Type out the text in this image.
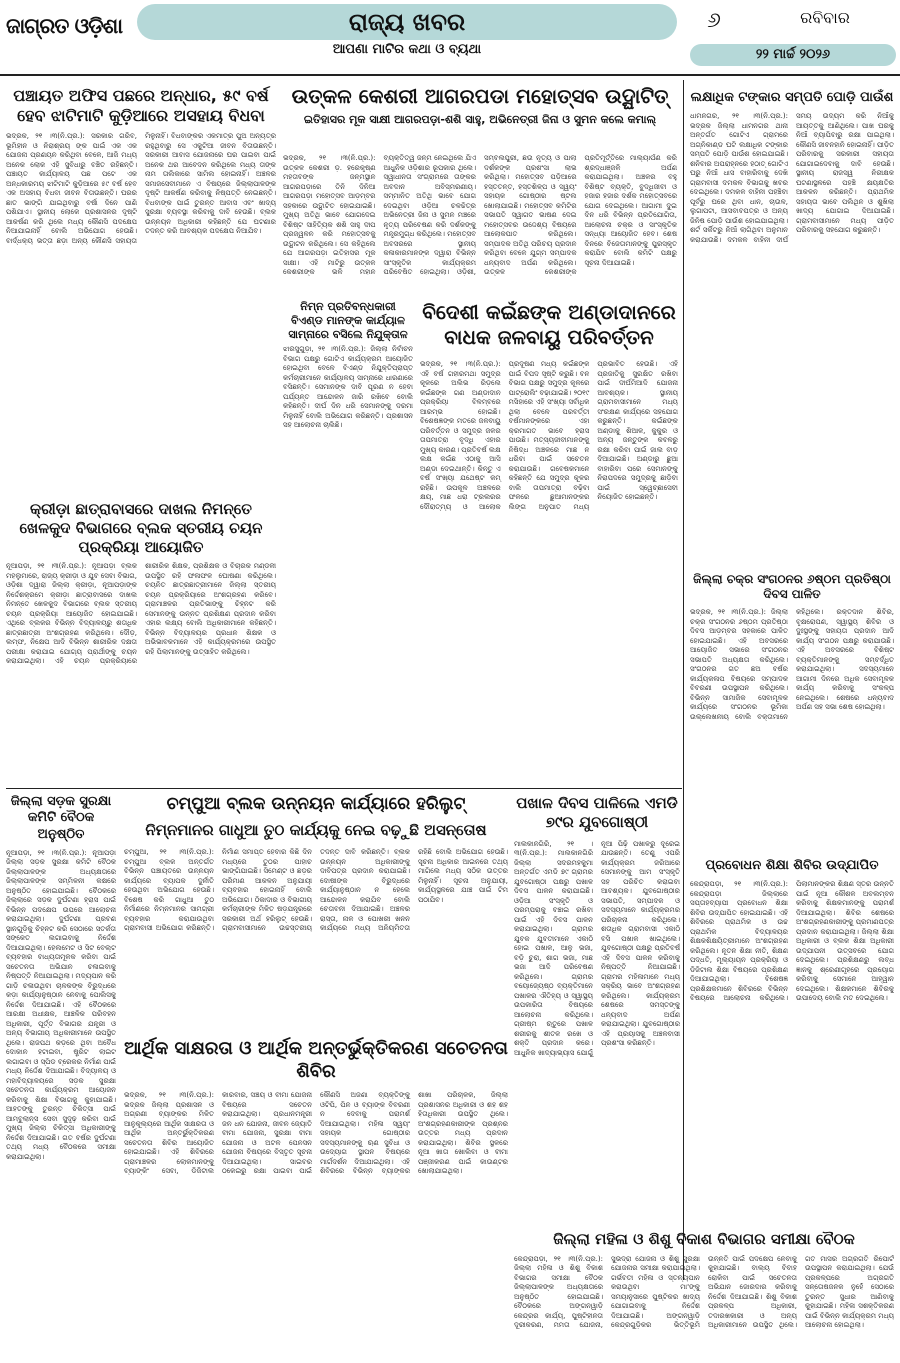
ଜାଗ୍ରତ ଓଡ଼ିଶା	ରାଜ୍ୟ ଖବର
ଆପଣା ମାଟିର କଥା ଓ ବ୍ୟଥା
୬	ରବିବାର
୨୨ ମାର୍ଚ୍ଚ ୨୦୨୬
ପଞ୍ଚାୟତ ଅଫିସ ପଛରେ ଅନ୍ଧାର, ୫୯ ବର୍ଷ ହେବ ଝାଟିମାଟି କୁଡ଼ିଆରେ ଅସହାୟ ବିଧବା
ଭଦ୍ରକ, ୨୧ ।୩(ନି.ପ୍ର.): ସରକାର ଗରିବ, ଭୂମିହୀନ ଓ ନିରାଶ୍ରୟ ଙ୍କ ପାଇଁ ଏକ ଏକ ଯୋଜନା ପ୍ରଣୟନ କରିଥିବା ବେଳେ, ଆଜି ମଧ୍ୟ ଅନେକ ଲୋକ ଏହି ସୁବିଧାରୁ ବଞ୍ଚିତ ରହିଛନ୍ତି। ପଞ୍ଚାୟତ କାର୍ଯ୍ୟାଳୟ ପଛ ପଟେ ଏକ ଅନ୍ଧକାରମୟ ଝାଟିମାଟି କୁଡ଼ିଆରେ ୫୯ ବର୍ଷ ହେବ ଏକ ଅସହାୟ ବିଧବା ଜୀବନ ବିତାଉଛନ୍ତି। ଘରର ଛାତ ଭାଙ୍ଗି ଯାଇଥିବାରୁ ବର୍ଷା ଦିନେ ପାଣି ପଶିଯାଏ। ସ୍ଥାନୀୟ ଲୋକେ ପ୍ରଶାସନର ଦୃଷ୍ଟି ଆକର୍ଷଣ କରି ଥିଲେ ମଧ୍ୟ କୌଣସି ପଦକ୍ଷେପ ନିଆଯାଇନାହିଁ ବୋଲି ଅଭିଯୋଗ ହେଉଛି। ବାର୍ଦ୍ଧକ୍ୟ ଭତ୍ତା ଛଡ଼ା ଅନ୍ୟ କୌଣସି ସହାୟତା ମିଳୁନାହିଁ। ବିଧବାଙ୍କର ଏକମାତ୍ର ପୁଅ ଅନ୍ୟତ୍ର ରହୁଥିବାରୁ ସେ ଏକୁଟିଆ ଜୀବନ ବିତାଉଛନ୍ତି। ସରକାରୀ ଆବାସ ଯୋଜନାରେ ଘର ପାଇବା ପାଇଁ ଅନେକ ଥର ଆବେଦନ କରିଥିଲେ ମଧ୍ୟ ତାଙ୍କ ନାମ ତାଲିକାରେ ସାମିଲ ହୋଇନାହିଁ। ଅଞ୍ଚଳର ସମାଜସେବୀମାନେ ଏ ବିଷୟରେ ଜିଲ୍ଲାପାଳଙ୍କ ଦୃଷ୍ଟି ଆକର୍ଷଣ କରିବାକୁ ନିଷ୍ପତ୍ତି ନେଇଛନ୍ତି। ବିଧବାଙ୍କ ପାଇଁ ତୁରନ୍ତ ଆବାସ ଏବଂ ଖାଦ୍ୟ ସୁରକ୍ଷା ବ୍ୟବସ୍ଥା କରିବାକୁ ଦାବି ହେଉଛି। ବ୍ଲକ ଉନ୍ନୟନ ଅଧିକାରୀ କହିଛନ୍ତି ଯେ ଘଟଣାର ତଦନ୍ତ କରି ଆବଶ୍ୟକ ପଦକ୍ଷେପ ନିଆଯିବ।
କ୍ରୀଡ଼ା ଛାତ୍ରାବାସରେ ଦାଖଲ ନିମନ୍ତେ ଖେଳକୁଦ ବିଭାଗରେ ବ୍ଲକ ସ୍ତରୀୟ ଚୟନ ପ୍ରକ୍ରିୟା ଆୟୋଜିତ
ନୂଆପଡ଼ା, ୨୧ ।୩(ନି.ପ୍ର.): ନୂଆପଡ଼ା ବ୍ଲକ ମହଲୁମାରେ, ରାଜ୍ୟ କ୍ରୀଡ଼ା ଓ ଯୁବ ସେବା ବିଭାଗ, ଓଡ଼ିଶା ଦ୍ୱାରା ଜିଲ୍ଲା କ୍ରୀଡ଼ା, ନୂଆପଡ଼ାଙ୍କ ନିର୍ଦ୍ଦେଶକ୍ରମେ କ୍ରୀଡ଼ା ଛାତ୍ରାବାସରେ ଦାଖଲ ନିମନ୍ତେ ଖେଳକୁଦ ବିଭାଗରେ ବ୍ଲକ ସ୍ତରୀୟ ଚୟନ ପ୍ରକ୍ରିୟା ଆୟୋଜିତ ହୋଇଯାଇଛି। ଏଥିରେ ବ୍ଲକର ବିଭିନ୍ନ ବିଦ୍ୟାଳୟରୁ ଶତାଧିକ ଛାତ୍ରଛାତ୍ରୀ ଅଂଶଗ୍ରହଣ କରିଥିଲେ। ଦୌଡ଼, ଲମ୍ଫ, ନିକ୍ଷେପ ଆଦି ବିଭିନ୍ନ ଶାରୀରିକ ଦକ୍ଷତା ପରୀକ୍ଷା କରାଯାଇ ଯୋଗ୍ୟ ପ୍ରାର୍ଥୀଙ୍କୁ ଚୟନ କରାଯାଇଥିଲା। ଏହି ଚୟନ ପ୍ରକ୍ରିୟାରେ ଶାରୀରିକ ଶିକ୍ଷକ, ପ୍ରଶିକ୍ଷକ ଓ ବିଚାରକ ମଣ୍ଡଳୀ ଉପସ୍ଥିତ ରହି ଫଳାଫଳ ଘୋଷଣା କରିଥିଲେ। ଚୟନିତ ଛାତ୍ରଛାତ୍ରୀମାନେ ଜିଲ୍ଲା ସ୍ତରୀୟ ଚୟନ ପ୍ରକ୍ରିୟାରେ ଅଂଶଗ୍ରହଣ କରିବେ। ଗ୍ରାମାଞ୍ଚଳର ପ୍ରତିଭାଙ୍କୁ ଚିହ୍ନଟ କରି ସେମାନଙ୍କୁ ଉନ୍ନତ ପ୍ରଶିକ୍ଷଣ ପ୍ରଦାନ କରିବା ଏହାର ଲକ୍ଷ୍ୟ ବୋଲି ଅଧିକାରୀମାନେ କହିଛନ୍ତି। ବିଭିନ୍ନ ବିଦ୍ୟାଳୟର ପ୍ରଧାନ ଶିକ୍ଷକ ଓ ଅଭିଭାବକମାନେ ଏହି କାର୍ଯ୍ୟକ୍ରମରେ ଉପସ୍ଥିତ ରହି ପିଲାମାନଙ୍କୁ ଉତ୍ସାହିତ କରିଥିଲେ।
ଉତ୍କଳ କେଶରୀ ଆଗରପଡା ମହୋତ୍ସବ ଉଦ୍ଘାଟିତ୍
ଇତିହାସର ମୂକ ସାକ୍ଷୀ ଆଗରପଡ଼ା-ଶଶି ସାହୁ, ଅଭିନେତ୍ରୀ ଜିନା ଓ ସୁମନ କଲେ କମାଲ୍
ଭଦ୍ରକ, ୨୧ ।୩(ନି.ପ୍ର.): ଉତ୍କଳ କେଶରୀ ଡ଼. ହରେକୃଷ୍ଣ ମହତାବଙ୍କ ଜନ୍ମସ୍ଥାନ ଆଗରପଡ଼ାରେ ତିନି ଦିନିଆ ଆଗରପଡ଼ା ମହୋତ୍ସବ ଆଡ଼ମ୍ବର ସହକାରେ ଉଦ୍ଘାଟିତ ହୋଇଯାଇଛି। ମୁଖ୍ୟ ଅତିଥି ଭାବେ ଯୋଗଦେଇ ବିଶିଷ୍ଟ ସାହିତ୍ୟିକ ଶଶି ସାହୁ ଦୀପ ପ୍ରଜ୍ୱଳନ କରି ମହୋତ୍ସବକୁ ଉଦ୍ଘାଟନ କରିଥିଲେ। ସେ କହିଥିଲେ ଯେ ଆଗରପଡ଼ା ଇତିହାସର ମୂକ ସାକ୍ଷୀ। ଏହି ମାଟିରୁ ଉତ୍କଳ କେଶରୀଙ୍କ ଭଳି ମହାନ ବ୍ୟକ୍ତିତ୍ୱ ଜନ୍ମ ନେଇଥିଲେ ଯିଏ ଆଧୁନିକ ଓଡ଼ିଶାର ରୂପକାର ଥିଲେ। ସ୍ୱାଧୀନତା ସଂଗ୍ରାମରେ ତାଙ୍କର ଅବଦାନ ଅବିସ୍ମରଣୀୟ। ସମ୍ମାନିତ ଅତିଥି ଭାବେ ଯୋଗ ଦେଇଥିବା ଓଡ଼ିଆ ଚଳଚ୍ଚିତ୍ର ଅଭିନେତ୍ରୀ ଜିନା ଓ ସୁମନ ମଞ୍ଚରେ ନୃତ୍ୟ ପରିବେଷଣ କରି ଦର୍ଶକଙ୍କୁ ମନ୍ତ୍ରମୁଗ୍ଧ କରିଥିଲେ। ମହୋତ୍ସବ ଅବସରରେ ସ୍ଥାନୀୟ କଳାକାରମାନଙ୍କ ଦ୍ୱାରା ବିଭିନ୍ନ ସାଂସ୍କୃତିକ କାର୍ଯ୍ୟକ୍ରମ ପରିବେଷିତ ହୋଇଥିଲା। ଓଡ଼ିଶୀ, ସମ୍ବଲପୁରୀ, ଛଉ ନୃତ୍ୟ ଓ ପାଲା ଦର୍ଶକଙ୍କ ପ୍ରଶଂସା ଲାଭ କରିଥିଲା। ମହୋତ୍ସବ ପଡ଼ିଆରେ ହସ୍ତତନ୍ତ, ହସ୍ତଶିଳ୍ପ ଓ ସ୍ୱୟଂ ସହାୟକ ଗୋଷ୍ଠୀର ଷ୍ଟଲ ଖୋଲାଯାଇଛି। ମହୋତ୍ସବ କମିଟିର ସଭାପତି ସ୍ୱାଗତ ଭାଷଣ ଦେଇ ମହୋତ୍ସବର ଉଦ୍ଦେଶ୍ୟ ବିଷୟରେ ଆଲୋକପାତ କରିଥିଲେ। ସମ୍ପାଦକ ଅତିଥି ପରିଚୟ ପ୍ରଦାନ କରିଥିବା ବେଳେ ଯୁଗ୍ମ ସମ୍ପାଦକ ଧନ୍ୟବାଦ ଅର୍ପଣ କରିଥିଲେ। ଉତ୍କଳ କେଶରୀଙ୍କ ପ୍ରତିମୂର୍ତ୍ତିରେ ମାଲ୍ୟାର୍ପଣ କରି ଶ୍ରଦ୍ଧାଞ୍ଜଳି ଅର୍ପଣ କରାଯାଇଥିଲା। ଅଞ୍ଚଳର ବହୁ ବିଶିଷ୍ଟ ବ୍ୟକ୍ତି, ବୁଦ୍ଧିଜୀବୀ ଓ ହଜାର ହଜାର ଦର୍ଶକ ମହୋତ୍ସବରେ ଯୋଗ ଦେଇଥିଲେ। ଆଗାମୀ ଦୁଇ ଦିନ ଧରି ବିଭିନ୍ନ ପ୍ରତିଯୋଗିତା, ଆଲୋଚନା ଚକ୍ର ଓ ସାଂସ୍କୃତିକ ସନ୍ଧ୍ୟା ଆୟୋଜିତ ହେବ। ଶେଷ ଦିନରେ ବିଜେତାମାନଙ୍କୁ ପୁରସ୍କୃତ କରାଯିବ ବୋଲି କମିଟି ପକ୍ଷରୁ ସୂଚନା ଦିଆଯାଇଛି।
ନିମ୍ନ ପ୍ରତିବନ୍ଧକାରୀ ବିଏଣ୍ଡ ମାନଙ୍କ କାର୍ଯ୍ୟାଳ ସାମ୍ନାରେ ବସିଲେ ନିଯୁକ୍ତାଳ
ଝାରସୁଗୁଡ଼ା, ୨୧ ।୩(ନି.ପ୍ର.): ଜିଲ୍ଲା ନିର୍ବାଚନ ବିଭାଗ ପକ୍ଷରୁ ଗୋଟିଏ କାର୍ଯ୍ୟକ୍ରମ ଆୟୋଜିତ ହୋଇଥିବା ବେଳେ ବିଏଣ୍ଡ ନିଯୁକ୍ତିପ୍ରାପ୍ତ କର୍ମଚାରୀମାନେ କାର୍ଯ୍ୟାଳୟ ସାମ୍ନାରେ ଧାରଣାରେ ବସିଛନ୍ତି। ସେମାନଙ୍କ ଦାବି ପୂରଣ ନ ହେବା ପର୍ଯ୍ୟନ୍ତ ଆନ୍ଦୋଳନ ଜାରି ରଖିବେ ବୋଲି କହିଛନ୍ତି। ଦୀର୍ଘ ଦିନ ଧରି ସେମାନଙ୍କୁ ଦରମା ମିଳୁନାହିଁ ବୋଲି ଅଭିଯୋଗ କରିଛନ୍ତି। ପ୍ରଶାସନ ସହ ଆଲୋଚନା ଚାଲିଛି।
ବିଦେଶୀ କଇଁଛଙ୍କ ଅଣ୍ଡାଦାନରେ ବାଧକ ଜଳବାୟୁ ପରିବର୍ତ୍ତନ
ଭଦ୍ରକ, ୨୧ ।୩(ନି.ପ୍ର.): ଏହି ବର୍ଷ ଗହୀରମଥା ସମୁଦ୍ର କୂଳରେ ଅଲିଭ ରିଡ଼ଲେ କଇଁଛଙ୍କ ଗଣ ଅଣ୍ଡାଦାନ ପ୍ରକ୍ରିୟା ବିଳମ୍ବରେ ଆରମ୍ଭ ହୋଇଛି। ବିଶେଷଜ୍ଞଙ୍କ ମତରେ ଜଳବାୟୁ ପରିବର୍ତ୍ତନ ଓ ସମୁଦ୍ର ଜଳର ତାପମାତ୍ରା ବୃଦ୍ଧି ଏହାର ମୁଖ୍ୟ କାରଣ। ପ୍ରତିବର୍ଷ ଲକ୍ଷ ଲକ୍ଷ କଇଁଛ ଏଠାକୁ ଆସି ଅଣ୍ଡା ଦେଇଥାନ୍ତି। କିନ୍ତୁ ଏ ବର୍ଷ ସଂଖ୍ୟା ଯଥେଷ୍ଟ କମ୍ ରହିଛି। ଉପକୂଳ ଅଞ୍ଚଳରେ କ୍ଷୟ, ମାଛ ଧରା ଟ୍ରଲରର ଦୌରାତ୍ମ୍ୟ ଓ ଆଲୋକ ପ୍ରଦୂଷଣ ମଧ୍ୟ କଇଁଛଙ୍କ ପାଇଁ ବିପଦ ସୃଷ୍ଟି କରୁଛି। ବନ ବିଭାଗ ପକ୍ଷରୁ ସମୁଦ୍ର କୂଳରେ ପାଟ୍ରୋଲିଂ ବଢ଼ାଯାଇଛି। ୨୦୧୯ ମସିହାରେ ଏହି ସଂଖ୍ୟା ସର୍ବାଧିକ ଥିଲା ବେଳେ ପରବର୍ତ୍ତୀ ବର୍ଷମାନଙ୍କରେ ଏହା କ୍ରମାଗତ ଭାବେ ହ୍ରାସ ପାଉଛି। ମତ୍ସ୍ୟଜୀବୀମାନଙ୍କୁ ନିଷିଦ୍ଧ ଅଞ୍ଚଳରେ ମାଛ ନ ଧରିବା ପାଇଁ ସଚେତନ କରାଯାଉଛି। ଗବେଷକମାନେ କହିଛନ୍ତି ଯେ ସମୁଦ୍ର କୂଳର ବାଲି ତାପମାତ୍ରା ବଢ଼ିବା ଫଳରେ ଛୁଆମାନଙ୍କର ଲିଙ୍ଗ ଅନୁପାତ ମଧ୍ୟ ପ୍ରଭାବିତ ହେଉଛି। ଏହି ପ୍ରଜାତିକୁ ସୁରକ୍ଷିତ ରଖିବା ପାଇଁ ଦୀର୍ଘମିଆଦି ଯୋଜନା ଆବଶ୍ୟକ। ସ୍ଥାନୀୟ ଗ୍ରାମବାସୀମାନେ ମଧ୍ୟ ସଂରକ୍ଷଣ କାର୍ଯ୍ୟରେ ସହଯୋଗ କରୁଛନ୍ତି। କଇଁଛଙ୍କ ଅଣ୍ଡାକୁ ଶିଆଳ, କୁକୁର ଓ ଅନ୍ୟ ଜନ୍ତୁଙ୍କ କବଳରୁ ରକ୍ଷା କରିବା ପାଇଁ ଜାଲ ବାଡ଼ ଦିଆଯାଇଛି। ଅଣ୍ଡାରୁ ଛୁଆ ବାହାରିବା ପରେ ସେମାନଙ୍କୁ ନିରାପଦରେ ସମୁଦ୍ରକୁ ଛାଡ଼ିବା ପାଇଁ ସ୍ୱେଚ୍ଛାସେବୀ ନିୟୋଜିତ ହୋଇଛନ୍ତି।
ଜିଲ୍ଲା ସଡ଼କ ସୁରକ୍ଷା କମିଟି ବୈଠକ ଅନୁଷ୍ଠିତ
ନୂଆପଡ଼ା, ୨୧ ।୩(ନି.ପ୍ର.): ନୂଆପଡ଼ା ଜିଲ୍ଲା ସଡ଼କ ସୁରକ୍ଷା କମିଟି ବୈଠକ ଜିଲ୍ଲାପାଳଙ୍କ ଅଧ୍ୟକ୍ଷତାରେ ଜିଲ୍ଲାପାଳଙ୍କ ସମ୍ମିଳନୀ କକ୍ଷରେ ଅନୁଷ୍ଠିତ ହୋଇଯାଇଛି। ବୈଠକରେ ଜିଲ୍ଲାରେ ସଡ଼କ ଦୁର୍ଘଟଣା ହ୍ରାସ ପାଇଁ ବିଭିନ୍ନ ପଦକ୍ଷେପ ଉପରେ ଆଲୋଚନା କରାଯାଇଥିଲା। ଦୁର୍ଘଟଣା ପ୍ରବଣ ସ୍ଥାନଗୁଡ଼ିକୁ ଚିହ୍ନଟ କରି ସେଠାରେ ସତର୍କତା ସଙ୍କେତ ଲଗାଇବାକୁ ନିର୍ଦ୍ଦେଶ ଦିଆଯାଇଥିଲା। ହେଲମେଟ ଓ ସିଟ ବେଲ୍ଟ ବ୍ୟବହାର ବାଧ୍ୟତାମୂଳକ କରିବା ପାଇଁ ସଚେତନତା ଅଭିଯାନ ଚଳାଇବାକୁ ନିଷ୍ପତ୍ତି ନିଆଯାଇଥିଲା। ମଦ୍ୟପାନ କରି ଗାଡ଼ି ଚଳାଉଥିବା ଚାଳକଙ୍କ ବିରୁଦ୍ଧରେ କଡ଼ା କାର୍ଯ୍ୟାନୁଷ୍ଠାନ ନେବାକୁ ପୋଲିସକୁ ନିର୍ଦ୍ଦେଶ ଦିଆଯାଇଛି। ଏହି ବୈଠକରେ ଆରକ୍ଷୀ ଅଧୀକ୍ଷକ, ଆଞ୍ଚଳିକ ପରିବହନ ଅଧିକାରୀ, ପୂର୍ତ୍ତ ବିଭାଗର ଯନ୍ତ୍ରୀ ଓ ଅନ୍ୟ ବିଭାଗୀୟ ଅଧିକାରୀମାନେ ଉପସ୍ଥିତ ଥିଲେ। ରାଜପଥ କଡ଼ରେ ଥିବା ଅବୈଧ ଦୋକାନ ହଟାଇବା, ଷ୍ଟ୍ରିଟ ଲାଇଟ ଲଗାଇବା ଓ ସ୍ପିଡ ବ୍ରେକର ନିର୍ମାଣ ପାଇଁ ମଧ୍ୟ ନିର୍ଦ୍ଦେଶ ଦିଆଯାଇଛି। ବିଦ୍ୟାଳୟ ଓ ମହାବିଦ୍ୟାଳୟରେ ସଡ଼କ ସୁରକ୍ଷା ସଚେତନତା କାର୍ଯ୍ୟକ୍ରମ ଆୟୋଜନ କରିବାକୁ ଶିକ୍ଷା ବିଭାଗକୁ କୁହାଯାଇଛି। ଆହତଙ୍କୁ ତୁରନ୍ତ ଚିକିତ୍ସା ପାଇଁ ଆମ୍ବୁଲାନ୍ସ ସେବା ସୁଦୃଢ଼ କରିବା ପାଇଁ ମୁଖ୍ୟ ଜିଲ୍ଲା ଚିକିତ୍ସା ଅଧିକାରୀଙ୍କୁ ନିର୍ଦ୍ଦେଶ ଦିଆଯାଇଛି। ଗତ ବର୍ଷର ଦୁର୍ଘଟଣା ତଥ୍ୟ ମଧ୍ୟ ବୈଠକରେ ସମୀକ୍ଷା କରାଯାଇଥିଲା।
ଚମ୍ପୁଆ ବ୍ଲକ ଉନ୍ନୟନ କାର୍ଯ୍ୟାରେ ହରିଲୁଟ୍
ନିମ୍ନମାନର ଗାଧୁଆ ତୁଠ କାର୍ଯ୍ୟକୁ ନେଇ ବଢ଼ୁଛି ଅସନ୍ତୋଷ
ଚମ୍ପୁଆ, ୨୧ ।୩(ନି.ପ୍ର.): ଚମ୍ପୁଆ ବ୍ଲକ ଅନ୍ତର୍ଗତ ବିଭିନ୍ନ ପଞ୍ଚାୟତରେ ଉନ୍ନୟନ କାର୍ଯ୍ୟରେ ବ୍ୟାପକ ଦୁର୍ନୀତି ହେଉଥିବା ଅଭିଯୋଗ ହେଉଛି। ବିଶେଷ କରି ଗାଧୁଆ ତୁଠ ନିର୍ମାଣରେ ନିମ୍ନମାନର ସାମଗ୍ରୀ ବ୍ୟବହାର କରାଯାଉଥିବା ଗ୍ରାମବାସୀ ଅଭିଯୋଗ କରିଛନ୍ତି। ନିର୍ମାଣ ସମାପ୍ତ ହେବାର କିଛି ଦିନ ମଧ୍ୟରେ ତୁଠର ପାହାଚ ଭାଙ୍ଗିଯାଇଛି। ସିମେଣ୍ଟ ଓ ଛଡ଼ର ପରିମାଣ ଆକଳନ ଅନୁଯାୟୀ ବ୍ୟବହାର ହୋଇନାହିଁ ବୋଲି ଅଭିଯୋଗ। ଠିକାଦାର ଓ ବିଭାଗୀୟ କର୍ମଚାରୀଙ୍କ ମିଳିତ ଷଡ଼ଯନ୍ତ୍ରରେ ସରକାରୀ ଅର୍ଥ ହରିଲୁଟ୍ ହେଉଛି। ଗ୍ରାମବାସୀମାନେ ଉଚ୍ଚସ୍ତରୀୟ ତଦନ୍ତ ଦାବି କରିଛନ୍ତି। ବ୍ଲକ ଉନ୍ନୟନ ଅଧିକାରୀଙ୍କୁ ଦାବିପତ୍ର ପ୍ରଦାନ କରାଯାଇଛି। ଦୋଷୀଙ୍କ ବିରୁଦ୍ଧରେ କାର୍ଯ୍ୟାନୁଷ୍ଠାନ ନ ହେଲେ ଆନ୍ଦୋଳନ କରାଯିବ ବୋଲି ଚେତାବନୀ ଦିଆଯାଇଛି। ଅଞ୍ଚଳର ରାସ୍ତା, ନାଳ ଓ ପୋଖରୀ ଖନନ କାର୍ଯ୍ୟରେ ମଧ୍ୟ ଅନିୟମିତତା ରହିଛି ବୋଲି ଅଭିଯୋଗ ହେଉଛି। ସୂଚନା ଅଧିକାର ଆଇନରେ ତଥ୍ୟ ମାଗିଲେ ମଧ୍ୟ ସଠିକ ଉତ୍ତର ମିଳୁନାହିଁ। ସୂଚନା ଅନୁଯାୟୀ, କାର୍ଯ୍ୟସ୍ଥଳରେ ଯାଞ୍ଚ ପାଇଁ ଟିମ ପଠାଯିବ।
ପଖାଳ ଦିବସ ପାଳିଲେ ଏମଡି ୭୯ର ଯୁବଗୋଷ୍ଠୀ
ମାଲକାନଗିରି, ୨୧ ।୩(ନି.ପ୍ର.): ମାଲକାନଗିରି ଜିଲ୍ଲା ସଦରମହକୁମା ଅନ୍ତର୍ଗତ ଏମଡି ୭୯ ଗ୍ରାମର ଯୁବଗୋଷ୍ଠୀ ପକ୍ଷରୁ ପଖାଳ ଦିବସ ପାଳନ କରାଯାଇଛି। ଓଡ଼ିଆ ସଂସ୍କୃତି ଓ ପରମ୍ପରାକୁ ବଞ୍ଚାଇ ରଖିବା ପାଇଁ ଏହି ଦିବସ ପାଳନ କରାଯାଇଥିଲା। ଗ୍ରାମର ଯୁବକ ଯୁବତୀମାନେ ଏକାଠି ହୋଇ ପଖାଳ, ଆଳୁ ଭଜା, ବଡ଼ି ଚୁରା, ଶାଗ ଭଜା, ମାଛ ଭଜା ଆଦି ପରିବେଷଣ କରିଥିଲେ। ଗ୍ରାମର ବୟୋଜ୍ୟେଷ୍ଠ ବ୍ୟକ୍ତିମାନେ ପଖାଳର ଐତିହ୍ୟ ଓ ସ୍ୱାସ୍ଥ୍ୟ ଉପକାରିତା ବିଷୟରେ ଆଲୋଚନା କରିଥିଲେ। ଗ୍ରୀଷ୍ମ ଋତୁରେ ପଖାଳ ଶରୀରକୁ ଶୀତଳ ରଖେ ଓ ଶକ୍ତି ପ୍ରଦାନ କରେ। ଆଧୁନିକ ଖାଦ୍ୟାଭ୍ୟାସ ଯୋଗୁଁ ନୂଆ ପିଢ଼ି ପଖାଳରୁ ଦୂରେଇ ଯାଉଛନ୍ତି। ତେଣୁ ଏପରି କାର୍ଯ୍ୟକ୍ରମ ଜରିଆରେ ସେମାନଙ୍କୁ ଆମ ସଂସ୍କୃତି ସହ ପରିଚିତ କରାଇବା ଆବଶ୍ୟକ। ଯୁବଗୋଷ୍ଠୀର ସଭାପତି, ସମ୍ପାଦକ ଓ ସଦସ୍ୟମାନେ କାର୍ଯ୍ୟକ୍ରମର ପରିଚାଳନା କରିଥିଲେ। ଶତାଧିକ ଗ୍ରାମବାସୀ ଏକାଠି ବସି ପଖାଳ ଖାଇଥିଲେ। ଯୁବଗୋଷ୍ଠୀ ପକ୍ଷରୁ ପ୍ରତିବର୍ଷ ଏହି ଦିବସ ପାଳନ କରିବାକୁ ନିଷ୍ପତ୍ତି ନିଆଯାଇଛି। ଗ୍ରାମର ମହିଳାମାନେ ମଧ୍ୟ ସକ୍ରିୟ ଭାବେ ଅଂଶଗ୍ରହଣ କରିଥିଲେ। କାର୍ଯ୍ୟକ୍ରମ ଶେଷରେ ସମସ୍ତଙ୍କୁ ଧନ୍ୟବାଦ ଅର୍ପଣ କରାଯାଇଥିଲା। ଯୁବଗୋଷ୍ଠୀର ଏହି ପ୍ରୟାସକୁ ଅଞ୍ଚଳବାସୀ ପ୍ରଶଂସା କରିଛନ୍ତି।
ଆର୍ଥିକ ସାକ୍ଷରତା ଓ ଆର୍ଥିକ ଅନ୍ତର୍ଭୁକ୍ତିକରଣ ସଚେତନତା ଶିବିର
ଭଦ୍ରକ, ୨୧ ।୩(ନି.ପ୍ର.): ଭଦ୍ରକ ଜିଲ୍ଲା ପ୍ରଶାସନ ଓ ଅଗ୍ରଣୀ ବ୍ୟାଙ୍କର ମିଳିତ ଆନୁକୂଲ୍ୟରେ ଆର୍ଥିକ ସାକ୍ଷରତା ଓ ଆର୍ଥିକ ଅନ୍ତର୍ଭୁକ୍ତିକରଣ ସଚେତନତା ଶିବିର ଆୟୋଜିତ ହୋଇଯାଇଛି। ଏହି ଶିବିରରେ ଗ୍ରାମାଞ୍ଚଳର ଲୋକମାନଙ୍କୁ ବ୍ୟାଙ୍କିଂ ସେବା, ଡିଜିଟାଲ କାରବାର, ସଞ୍ଚୟ ଓ ବୀମା ଯୋଜନା ବିଷୟରେ ସଚେତନ କରାଯାଇଥିଲା। ପ୍ରଧାନମନ୍ତ୍ରୀ ଜନ ଧନ ଯୋଜନା, ଜୀବନ ଜ୍ୟୋତି ବୀମା ଯୋଜନା, ସୁରକ୍ଷା ବୀମା ଯୋଜନା ଓ ଅଟଳ ପେନସନ ଯୋଜନା ବିଷୟରେ ବିସ୍ତୃତ ସୂଚନା ଦିଆଯାଇଥିଲା। ସାଇବର ଠକେଇରୁ ରକ୍ଷା ପାଇବା ପାଇଁ କୌଣସି ଅଜଣା ବ୍ୟକ୍ତିଙ୍କୁ ଓଟିପି, ପିନ ଓ ବ୍ୟାଙ୍କ ବିବରଣୀ ନ ଦେବାକୁ ପରାମର୍ଶ ଦିଆଯାଇଥିଲା। ମହିଳା ସ୍ୱୟଂ ସହାୟକ ଗୋଷ୍ଠୀର ସଦସ୍ୟମାନଙ୍କୁ ଋଣ ସୁବିଧା ଓ ଉଦ୍ୟୋଗ ସ୍ଥାପନ ବିଷୟରେ ମାର୍ଗଦର୍ଶନ ଦିଆଯାଇଥିଲା। ଏହି ଶିବିରରେ ବିଭିନ୍ନ ବ୍ୟାଙ୍କର ଶାଖା ପରିଚାଳକ, ଜିଲ୍ଲା ପ୍ରଶାସନର ଅଧିକାରୀ ଓ ଶହ ଶହ ହିତାଧିକାରୀ ଉପସ୍ଥିତ ଥିଲେ। ଅଂଶଗ୍ରହଣକାରୀଙ୍କ ପ୍ରଶ୍ନର ଉତ୍ତର ମଧ୍ୟ ପ୍ରଦାନ କରାଯାଇଥିଲା। ଶିବିର ସ୍ଥଳରେ ନୂଆ ଖାତା ଖୋଲିବା ଓ ବୀମା ପଞ୍ଜୀକରଣ ପାଇଁ କାଉଣ୍ଟର ଖୋଲାଯାଇଥିଲା।
ଜିଲ୍ଲା ମହିଳା ଓ ଶିଶୁ ବିକାଶ ବିଭାଗର ସମୀକ୍ଷା ବୈଠକ
କେନ୍ଦ୍ରାପଡ଼ା, ୨୧ ।୩(ନି.ପ୍ର.): ଜିଲ୍ଲା ମହିଳା ଓ ଶିଶୁ ବିକାଶ ବିଭାଗର ସମୀକ୍ଷା ବୈଠକ ଜିଲ୍ଲାପାଳଙ୍କ ଅଧ୍ୟକ୍ଷତାରେ ଅନୁଷ୍ଠିତ ହୋଇଯାଇଛି। ବୈଠକରେ ଅଙ୍ଗନୱାଡ଼ି କେନ୍ଦ୍ରର କାର୍ଯ୍ୟ, ପୁଷ୍ଟିହୀନତା ଦୂରୀକରଣ, ମମତା ଯୋଜନା, ସୁଭଦ୍ରା ଯୋଜନା ଓ ଶିଶୁ ସୁରକ୍ଷା ଯୋଜନାର ସମୀକ୍ଷା କରାଯାଇଥିଲା। ଗର୍ଭବତୀ ମହିଳା ଓ ସ୍ତନ୍ୟପାନ କରାଉଥିବା ମା'ଙ୍କୁ ସମୟାନୁସାରେ ପୁଷ୍ଟିକର ଖାଦ୍ୟ ଯୋଗାଇବାକୁ ନିର୍ଦ୍ଦେଶ ଦିଆଯାଇଛି। ଅଙ୍ଗନୱାଡ଼ି କେନ୍ଦ୍ରଗୁଡ଼ିକର ଭିତ୍ତିଭୂମି ଉନ୍ନତି ପାଇଁ ପଦକ୍ଷେପ ନେବାକୁ କୁହାଯାଇଛି। ବାଲ୍ୟ ବିବାହ ରୋକିବା ପାଇଁ ସଚେତନତା ଅଭିଯାନ ଜୋରଦାର କରିବାକୁ ନିର୍ଦ୍ଦେଶ ଦିଆଯାଇଛି। ଶିଶୁ ବିକାଶ ପ୍ରକଳ୍ପ ଅଧିକାରୀ, ତଦାରଖକାରୀ ଓ ଅନ୍ୟ ଅଧିକାରୀମାନେ ଉପସ୍ଥିତ ଥିଲେ। ଗତ ମାସର ଅଗ୍ରଗତି ରିପୋର୍ଟ ଉପସ୍ଥାପନ କରାଯାଇଥିଲା। ଯେଉଁ ପ୍ରକଳ୍ପରେ ଅଗ୍ରଗତି ସନ୍ତୋଷଜନକ ନୁହେଁ ସେଠାରେ ତୁରନ୍ତ ସୁଧାର ଆଣିବାକୁ କୁହାଯାଇଛି। ମହିଳା ସଶକ୍ତିକରଣ ପାଇଁ ବିଭିନ୍ନ କାର୍ଯ୍ୟକ୍ରମ ମଧ୍ୟ ଆଲୋଚନା ହୋଇଥିଲା।
ଲକ୍ଷାଧିକ ଟଙ୍କାର ସମ୍ପତି ପୋଡ଼ି ପାଉଁଶ
ଧାମନଗର, ୨୧ ।୩(ନି.ପ୍ର.): ଭଦ୍ରକ ଜିଲ୍ଲା ଧାମନଗର ଥାନା ଅନ୍ତର୍ଗତ ଗୋଟିଏ ଗ୍ରାମରେ ଅଗ୍ନିକାଣ୍ଡ ଘଟି ଲକ୍ଷାଧିକ ଟଙ୍କାର ସମ୍ପତି ପୋଡ଼ି ପାଉଁଶ ହୋଇଯାଇଛି। ଶନିବାର ଅପରାହ୍ନରେ ହଠାତ୍ ଗୋଟିଏ ଘରୁ ନିଆଁ ଧାସ ବାହାରିବାକୁ ଦେଖି ଗ୍ରାମବାସୀ ଦମକଳ ବିଭାଗକୁ ଖବର ଦେଇଥିଲେ। ଦମକଳ ବାହିନୀ ପହଞ୍ଚିବା ପୂର୍ବରୁ ଘରେ ଥିବା ଧାନ, ଚାଉଳ, ଲୁଗାପଟା, ଆସବାବପତ୍ର ଓ ଅନ୍ୟ ଜିନିଷ ପୋଡ଼ି ପାଉଁଶ ହୋଇଯାଇଥିଲା। ଶର୍ଟ ସର୍କିଟରୁ ନିଆଁ ଲାଗିଥିବା ଅନୁମାନ କରାଯାଉଛି। ଦମକଳ ବାହିନୀ ଦୀର୍ଘ ସମୟ ଉଦ୍ୟମ କରି ନିଆଁକୁ ଆୟତ୍ତକୁ ଆଣିଥିଲେ। ପାଖ ଘରକୁ ନିଆଁ ବ୍ୟାପିବାରୁ ରକ୍ଷା ପାଇଥିଲା। କୌଣସି ଜୀବନହାନି ହୋଇନାହିଁ। ପୀଡ଼ିତ ପରିବାରକୁ ସରକାରୀ ସହାୟତା ଯୋଗାଇଦେବାକୁ ଦାବି ହେଉଛି। ସ୍ଥାନୀୟ ରାଜସ୍ୱ ନିରୀକ୍ଷକ ଘଟଣାସ୍ଥଳରେ ପହଞ୍ଚି କ୍ଷୟକ୍ଷତିର ଆକଳନ କରିଛନ୍ତି। ପ୍ରାଥମିକ ସହାୟତା ଭାବେ ପଲିଥିନ ଓ ଶୁଖିଲା ଖାଦ୍ୟ ଯୋଗାଇ ଦିଆଯାଇଛି। ଗ୍ରାମବାସୀମାନେ ମଧ୍ୟ ପୀଡ଼ିତ ପରିବାରକୁ ସହଯୋଗ କରୁଛନ୍ତି।
ଜିଲ୍ଲା ଚକ୍ର ସଂଗଠନର ୬ଷ୍ଠମ ପ୍ରତିଷ୍ଠା ଦିବସ ପାଳିତ
ଭଦ୍ରକ, ୨୧ ।୩(ନି.ପ୍ର.): ଜିଲ୍ଲା ଚକ୍ର ସଂଗଠନର ୬ଷ୍ଠମ ପ୍ରତିଷ୍ଠା ଦିବସ ଆଡ଼ମ୍ବର ସହକାରେ ପାଳିତ ହୋଇଯାଇଛି। ଏହି ଅବସରରେ ଆୟୋଜିତ ସଭାରେ ସଂଗଠନର ସଭାପତି ଅଧ୍ୟକ୍ଷତା କରିଥିଲେ। ସଂଗଠନର ଗତ ଛଅ ବର୍ଷର କାର୍ଯ୍ୟକଳାପ ବିଷୟରେ ସମ୍ପାଦକ ବିବରଣୀ ଉପସ୍ଥାପନ କରିଥିଲେ। ବିଭିନ୍ନ ସାମାଜିକ ସେବାମୂଳକ କାର୍ଯ୍ୟରେ ସଂଗଠନର ଭୂମିକା ଉଲ୍ଲେଖନୀୟ ବୋଲି ବକ୍ତାମାନେ କହିଥିଲେ। ରକ୍ତଦାନ ଶିବିର, ବୃକ୍ଷରୋପଣ, ସ୍ୱାସ୍ଥ୍ୟ ଶିବିର ଓ ଦୁଃସ୍ଥଙ୍କୁ ସହାୟତା ପ୍ରଦାନ ଆଦି କାର୍ଯ୍ୟ ସଂଗଠନ ପକ୍ଷରୁ କରାଯାଉଛି। ଏହି ଅବସରରେ ବିଶିଷ୍ଟ ବ୍ୟକ୍ତିମାନଙ୍କୁ ସମ୍ବର୍ଦ୍ଧିତ କରାଯାଇଥିଲା। ସଦସ୍ୟମାନେ ଆଗାମୀ ଦିନରେ ଅଧିକ ସେବାମୂଳକ କାର୍ଯ୍ୟ କରିବାକୁ ସଂକଳ୍ପ ନେଇଥିଲେ। ଶେଷରେ ଧନ୍ୟବାଦ ଅର୍ପଣ ସହ ସଭା ଶେଷ ହୋଇଥିଲା।
ପ୍ରବୋଧନ ଶିକ୍ଷା ଶିବିର ଉଦ୍ଯାପିତ
କେନ୍ଦ୍ରାପଡ଼ା, ୨୧ ।୩(ନି.ପ୍ର.): କେନ୍ଦ୍ରାପଡ଼ା ଜିଲ୍ଲାରେ ସପ୍ତାହବ୍ୟାପୀ ପ୍ରବୋଧନ ଶିକ୍ଷା ଶିବିର ଉଦ୍ଯାପିତ ହୋଇଯାଇଛି। ଏହି ଶିବିରରେ ପ୍ରାଥମିକ ଓ ଉଚ୍ଚ ପ୍ରାଥମିକ ବିଦ୍ୟାଳୟର ଶିକ୍ଷକଶିକ୍ଷୟିତ୍ରୀମାନେ ଅଂଶଗ୍ରହଣ କରିଥିଲେ। ନୂତନ ଶିକ୍ଷା ନୀତି, ଶିକ୍ଷଣ ପଦ୍ଧତି, ମୂଲ୍ୟାୟନ ପ୍ରକ୍ରିୟା ଓ ଡିଜିଟାଲ ଶିକ୍ଷା ବିଷୟରେ ପ୍ରଶିକ୍ଷଣ ଦିଆଯାଇଥିଲା। ବିଶେଷଜ୍ଞ ପ୍ରଶିକ୍ଷକମାନେ ଶିବିରରେ ବିଭିନ୍ନ ବିଷୟରେ ଆଲୋଚନା କରିଥିଲେ। ପିଲାମାନଙ୍କର ଶିକ୍ଷଣ ସ୍ତର ଉନ୍ନତି ପାଇଁ ନୂଆ କୌଶଳ ଅବଲମ୍ବନ କରିବାକୁ ଶିକ୍ଷକମାନଙ୍କୁ ପରାମର୍ଶ ଦିଆଯାଇଥିଲା। ଶିବିର ଶେଷରେ ଅଂଶଗ୍ରହଣକାରୀଙ୍କୁ ପ୍ରମାଣପତ୍ର ପ୍ରଦାନ କରାଯାଇଥିଲା। ଜିଲ୍ଲା ଶିକ୍ଷା ଅଧିକାରୀ ଓ ବ୍ଲକ ଶିକ୍ଷା ଅଧିକାରୀ ଉଦ୍ଯାପନୀ ଉତ୍ସବରେ ଯୋଗ ଦେଇଥିଲେ। ପ୍ରଶିକ୍ଷଣରୁ ଲବ୍ଧ ଜ୍ଞାନକୁ ଶ୍ରେଣୀଗୃହରେ ପ୍ରୟୋଗ କରିବାକୁ ସେମାନେ ଆହ୍ୱାନ ଦେଇଥିଲେ। ଶିକ୍ଷକମାନେ ଶିବିରକୁ ଉପାଦେୟ ବୋଲି ମତ ଦେଇଥିଲେ।
